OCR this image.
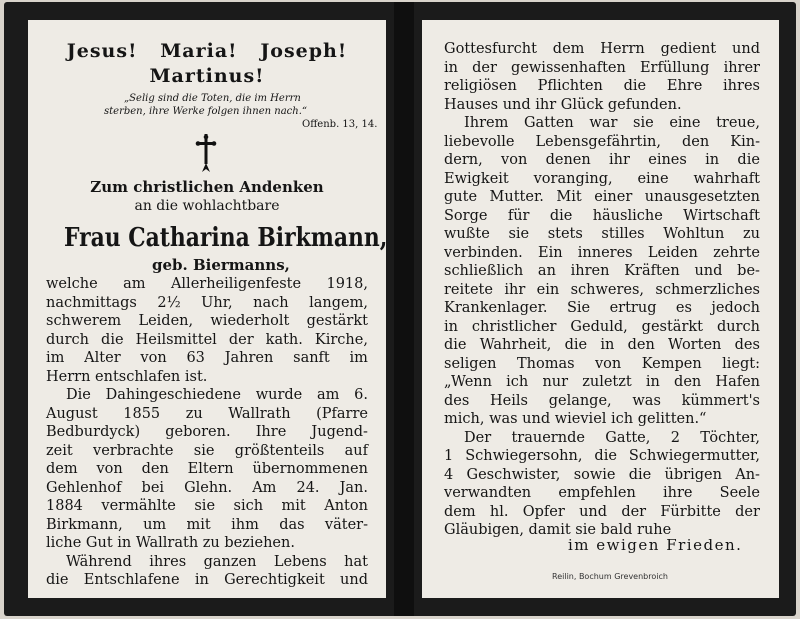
Jesus!   Maria!   Joseph!
Martinus!
„Selig sind die Toten, die im Herrn
sterben, ihre Werke folgen ihnen nach.“
Offenb. 13, 14.
Zum christlichen Andenken
an die wohlachtbare
Frau Catharina Birkmann,
geb. Biermanns,
welche am Allerheiligenfeste 1918,
nachmittags 2½ Uhr, nach langem,
schwerem Leiden, wiederholt gestärkt
durch die Heilsmittel der kath. Kirche,
im Alter von 63 Jahren sanft im
Herrn entschlafen ist.
Die Dahingeschiedene wurde am 6.
August 1855 zu Wallrath (Pfarre
Bedburdyck) geboren. Ihre Jugend-
zeit verbrachte sie größtenteils auf
dem von den Eltern übernommenen
Gehlenhof bei Glehn. Am 24. Jan.
1884 vermählte sie sich mit Anton
Birkmann, um mit ihm das väter-
liche Gut in Wallrath zu beziehen.
Während ihres ganzen Lebens hat
die Entschlafene in Gerechtigkeit und
Gottesfurcht dem Herrn gedient und
in der gewissenhaften Erfüllung ihrer
religiösen Pflichten die Ehre ihres
Hauses und ihr Glück gefunden.
Ihrem Gatten war sie eine treue,
liebevolle Lebensgefährtin, den Kin-
dern, von denen ihr eines in die
Ewigkeit voranging, eine wahrhaft
gute Mutter. Mit einer unausgesetzten
Sorge für die häusliche Wirtschaft
wußte sie stets stilles Wohltun zu
verbinden. Ein inneres Leiden zehrte
schließlich an ihren Kräften und be-
reitete ihr ein schweres, schmerzliches
Krankenlager. Sie ertrug es jedoch
in christlicher Geduld, gestärkt durch
die Wahrheit, die in den Worten des
seligen Thomas von Kempen liegt:
„Wenn ich nur zuletzt in den Hafen
des Heils gelange, was kümmert's
mich, was und wieviel ich gelitten.“
Der trauernde Gatte, 2 Töchter,
1 Schwiegersohn, die Schwiegermutter,
4 Geschwister, sowie die übrigen An-
verwandten empfehlen ihre Seele
dem hl. Opfer und der Fürbitte der
Gläubigen, damit sie bald ruhe
im ewigen Frieden.
Reilin, Bochum Grevenbroich
